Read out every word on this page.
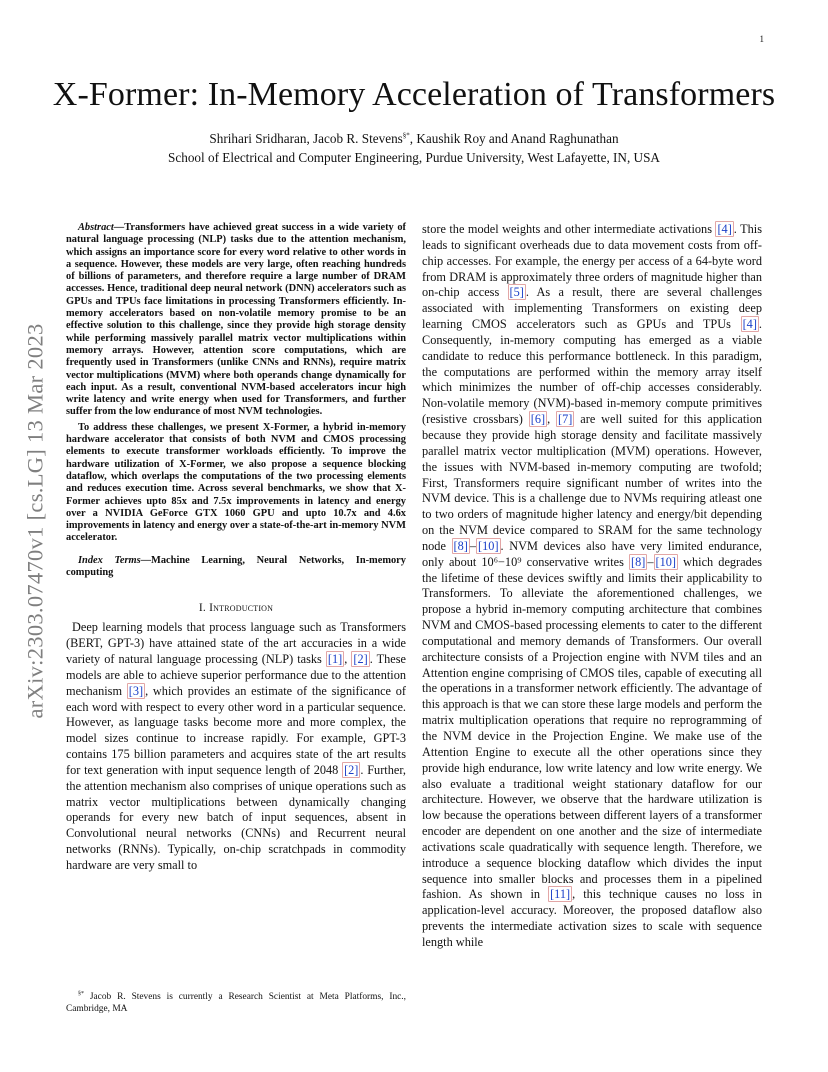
1
arXiv:2303.07470v1 [cs.LG] 13 Mar 2023
X-Former: In-Memory Acceleration of Transformers
Shrihari Sridharan, Jacob R. Stevens§*, Kaushik Roy and Anand Raghunathan
School of Electrical and Computer Engineering, Purdue University, West Lafayette, IN, USA

Abstract—Transformers have achieved great success in a wide variety of natural language processing (NLP) tasks due to the attention mechanism, which assigns an importance score for every word relative to other words in a sequence. However, these models are very large, often reaching hundreds of billions of parameters, and therefore require a large number of DRAM accesses. Hence, traditional deep neural network (DNN) accelerators such as GPUs and TPUs face limitations in processing Transformers efficiently. In-memory accelerators based on non-volatile memory promise to be an effective solution to this challenge, since they provide high storage density while performing massively parallel matrix vector multiplications within memory arrays. However, attention score computations, which are frequently used in Transformers (unlike CNNs and RNNs), require matrix vector multiplications (MVM) where both operands change dynamically for each input. As a result, conventional NVM-based accelerators incur high write latency and write energy when used for Transformers, and further suffer from the low endurance of most NVM technologies.

To address these challenges, we present X-Former, a hybrid in-memory hardware accelerator that consists of both NVM and CMOS processing elements to execute transformer workloads efficiently. To improve the hardware utilization of X-Former, we also propose a sequence blocking dataflow, which overlaps the computations of the two processing elements and reduces execution time. Across several benchmarks, we show that X-Former achieves upto 85x and 7.5x improvements in latency and energy over a NVIDIA GeForce GTX 1060 GPU and upto 10.7x and 4.6x improvements in latency and energy over a state-of-the-art in-memory NVM accelerator.

Index Terms—Machine Learning, Neural Networks, In-memory computing

I. Introduction

Deep learning models that process language such as Transformers (BERT, GPT-3) have attained state of the art accuracies in a wide variety of natural language processing (NLP) tasks [1] , [2] . These models are able to achieve superior performance due to the attention mechanism [3] , which provides an estimate of the significance of each word with respect to every other word in a particular sequence. However, as language tasks become more and more complex, the model sizes continue to increase rapidly. For example, GPT-3 contains 175 billion parameters and acquires state of the art results for text generation with input sequence length of 2048 [2] . Further, the attention mechanism also comprises of unique operations such as matrix vector multiplications between dynamically changing operands for every new batch of input sequences, absent in Convolutional neural networks (CNNs) and Recurrent neural networks (RNNs). Typically, on-chip scratchpads in commodity hardware are very small to

§* Jacob R. Stevens is currently a Research Scientist at Meta Platforms, Inc., Cambridge, MA

store the model weights and other intermediate activations [4] . This leads to significant overheads due to data movement costs from off-chip accesses. For example, the energy per access of a 64-byte word from DRAM is approximately three orders of magnitude higher than on-chip access [5] . As a result, there are several challenges associated with implementing Transformers on existing deep learning CMOS accelerators such as GPUs and TPUs [4] . Consequently, in-memory computing has emerged as a viable candidate to reduce this performance bottleneck. In this paradigm, the computations are performed within the memory array itself which minimizes the number of off-chip accesses considerably. Non-volatile memory (NVM)-based in-memory compute primitives (resistive crossbars) [6] , [7] are well suited for this application because they provide high storage density and facilitate massively parallel matrix vector multiplication (MVM) operations. However, the issues with NVM-based in-memory computing are twofold; First, Transformers require significant number of writes into the NVM device. This is a challenge due to NVMs requiring atleast one to two orders of magnitude higher latency and energy/bit depending on the NVM device compared to SRAM for the same technology node [8] – [10] . NVM devices also have very limited endurance, only about 10⁶−10⁹ conservative writes [8] – [10] which degrades the lifetime of these devices swiftly and limits their applicability to Transformers. To alleviate the aforementioned challenges, we propose a hybrid in-memory computing architecture that combines NVM and CMOS-based processing elements to cater to the different computational and memory demands of Transformers. Our overall architecture consists of a Projection engine with NVM tiles and an Attention engine comprising of CMOS tiles, capable of executing all the operations in a transformer network efficiently. The advantage of this approach is that we can store these large models and perform the matrix multiplication operations that require no reprogramming of the NVM device in the Projection Engine. We make use of the Attention Engine to execute all the other operations since they provide high endurance, low write latency and low write energy. We also evaluate a traditional weight stationary dataflow for our architecture. However, we observe that the hardware utilization is low because the operations between different layers of a transformer encoder are dependent on one another and the size of intermediate activations scale quadratically with sequence length. Therefore, we introduce a sequence blocking dataflow which divides the input sequence into smaller blocks and processes them in a pipelined fashion. As shown in [11] , this technique causes no loss in application-level accuracy. Moreover, the proposed dataflow also prevents the intermediate activation sizes to scale with sequence length while
